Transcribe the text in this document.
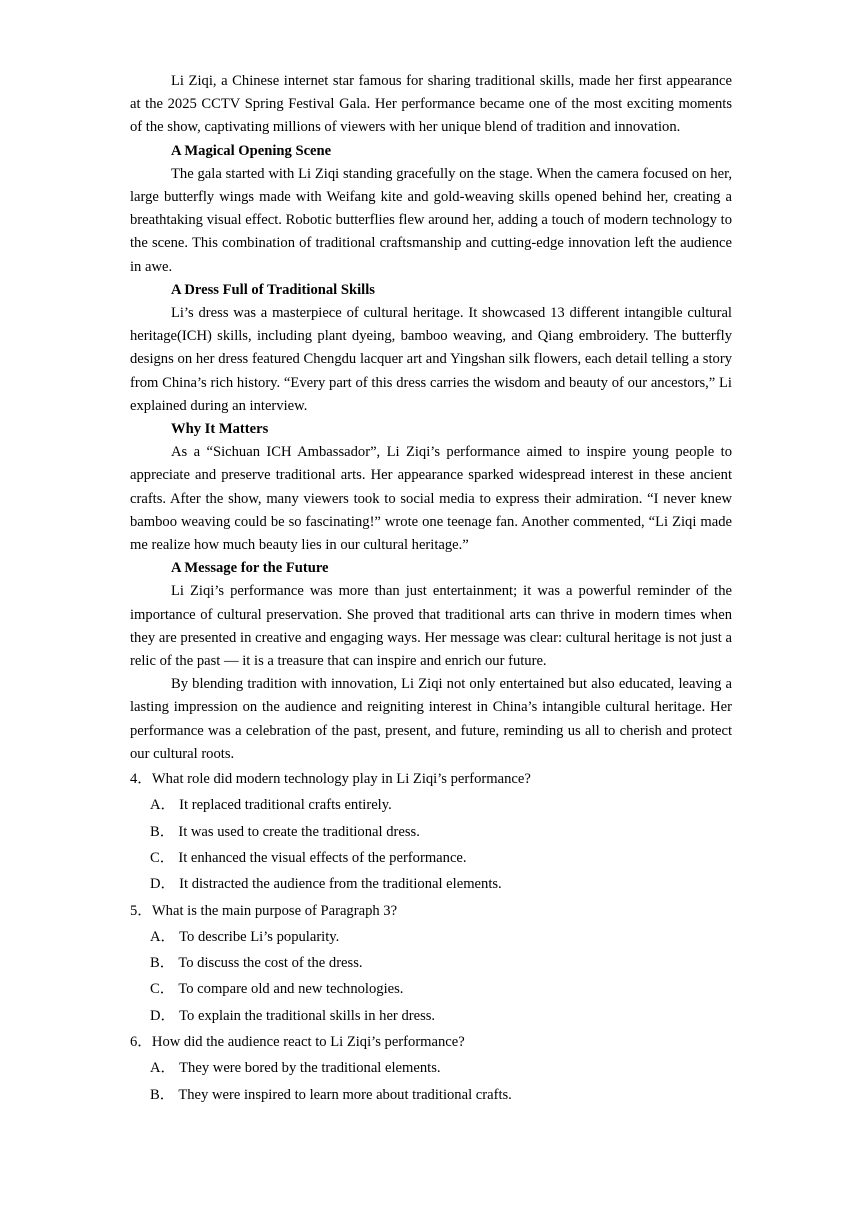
Li Ziqi, a Chinese internet star famous for sharing traditional skills, made her first appearance at the 2025 CCTV Spring Festival Gala. Her performance became one of the most exciting moments of the show, captivating millions of viewers with her unique blend of tradition and innovation.

A Magical Opening Scene

The gala started with Li Ziqi standing gracefully on the stage. When the camera focused on her, large butterfly wings made with Weifang kite and gold-weaving skills opened behind her, creating a breathtaking visual effect. Robotic butterflies flew around her, adding a touch of modern technology to the scene. This combination of traditional craftsmanship and cutting-edge innovation left the audience in awe.

A Dress Full of Traditional Skills

Li’s dress was a masterpiece of cultural heritage. It showcased 13 different intangible cultural heritage(ICH) skills, including plant dyeing, bamboo weaving, and Qiang embroidery. The butterfly designs on her dress featured Chengdu lacquer art and Yingshan silk flowers, each detail telling a story from China’s rich history. “Every part of this dress carries the wisdom and beauty of our ancestors,” Li explained during an interview.

Why It Matters

As a “Sichuan ICH Ambassador”, Li Ziqi’s performance aimed to inspire young people to appreciate and preserve traditional arts. Her appearance sparked widespread interest in these ancient crafts. After the show, many viewers took to social media to express their admiration. “I never knew bamboo weaving could be so fascinating!” wrote one teenage fan. Another commented, “Li Ziqi made me realize how much beauty lies in our cultural heritage.”

A Message for the Future

Li Ziqi’s performance was more than just entertainment; it was a powerful reminder of the importance of cultural preservation. She proved that traditional arts can thrive in modern times when they are presented in creative and engaging ways. Her message was clear: cultural heritage is not just a relic of the past — it is a treasure that can inspire and enrich our future.

By blending tradition with innovation, Li Ziqi not only entertained but also educated, leaving a lasting impression on the audience and reigniting interest in China’s intangible cultural heritage. Her performance was a celebration of the past, present, and future, reminding us all to cherish and protect our cultural roots.

4．What role did modern technology play in Li Ziqi’s performance?

A． It replaced traditional crafts entirely.

B． It was used to create the traditional dress.

C． It enhanced the visual effects of the performance.

D． It distracted the audience from the traditional elements.

5．What is the main purpose of Paragraph 3?

A． To describe Li’s popularity.

B． To discuss the cost of the dress.

C． To compare old and new technologies.

D． To explain the traditional skills in her dress.

6．How did the audience react to Li Ziqi’s performance?

A． They were bored by the traditional elements.

B． They were inspired to learn more about traditional crafts.
